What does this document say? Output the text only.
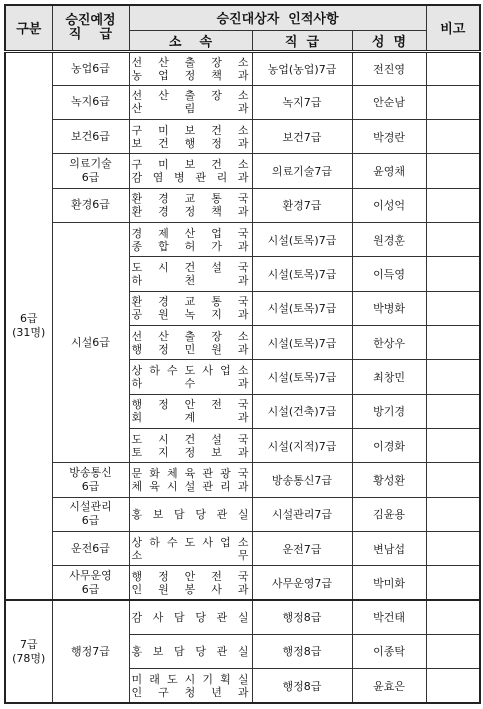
구분	승진예정
직    급	승진대상자  인적사항			비고
		소    속	직  급	성  명	

6급
(31명)	농업6급	선 산 출 장 소
농 업 정 책 과	농업(농업)7급	전진영	

	녹지6급	선 산 출 장 소
산 림 과	녹지7급	안순남	

	보건6급	구 미 보 건 소
보 건 행 정 과	보건7급	박경란	

	의료기술
6급	구 미 보 건 소
감 염 병 관 리 과	의료기술7급	윤영채	

	환경6급	환 경 교 통 국
환 경 정 책 과	환경7급	이성억	

	시설6급	경 제 산 업 국
종 합 허 가 과	시설(토목)7급	원경훈	

		도 시 건 설 국
하 천 과	시설(토목)7급	이득영	

		환 경 교 통 국
공 원 녹 지 과	시설(토목)7급	박병화	

		선 산 출 장 소
행 정 민 원 과	시설(토목)7급	한상우	

		상 하 수 도 사 업 소
하 수 과	시설(토목)7급	최창민	

		행 정 안 전 국
회 계 과	시설(건축)7급	방기경	

		도 시 건 설 국
토 지 정 보 과	시설(지적)7급	이경화	

	방송통신
6급	문 화 체 육 관 광 국
체 육 시 설 관 리 과	방송통신7급	황성환	

	시설관리
6급	홍 보 담 당 관 실	시설관리7급	김윤용	

	운전6급	상 하 수 도 사 업 소
소 무	운전7급	변남섭	

	사무운영
6급	행 정 안 전 국
인 원 봉 사 과	사무운영7급	박미화	

7급
(78명)	행정7급	감 사 담 당 관 실	행정8급	박건태	

		홍 보 담 당 관 실	행정8급	이종탁	

		미 래 도 시 기 획 실
인 구 청 년 과	행정8급	윤효은	
